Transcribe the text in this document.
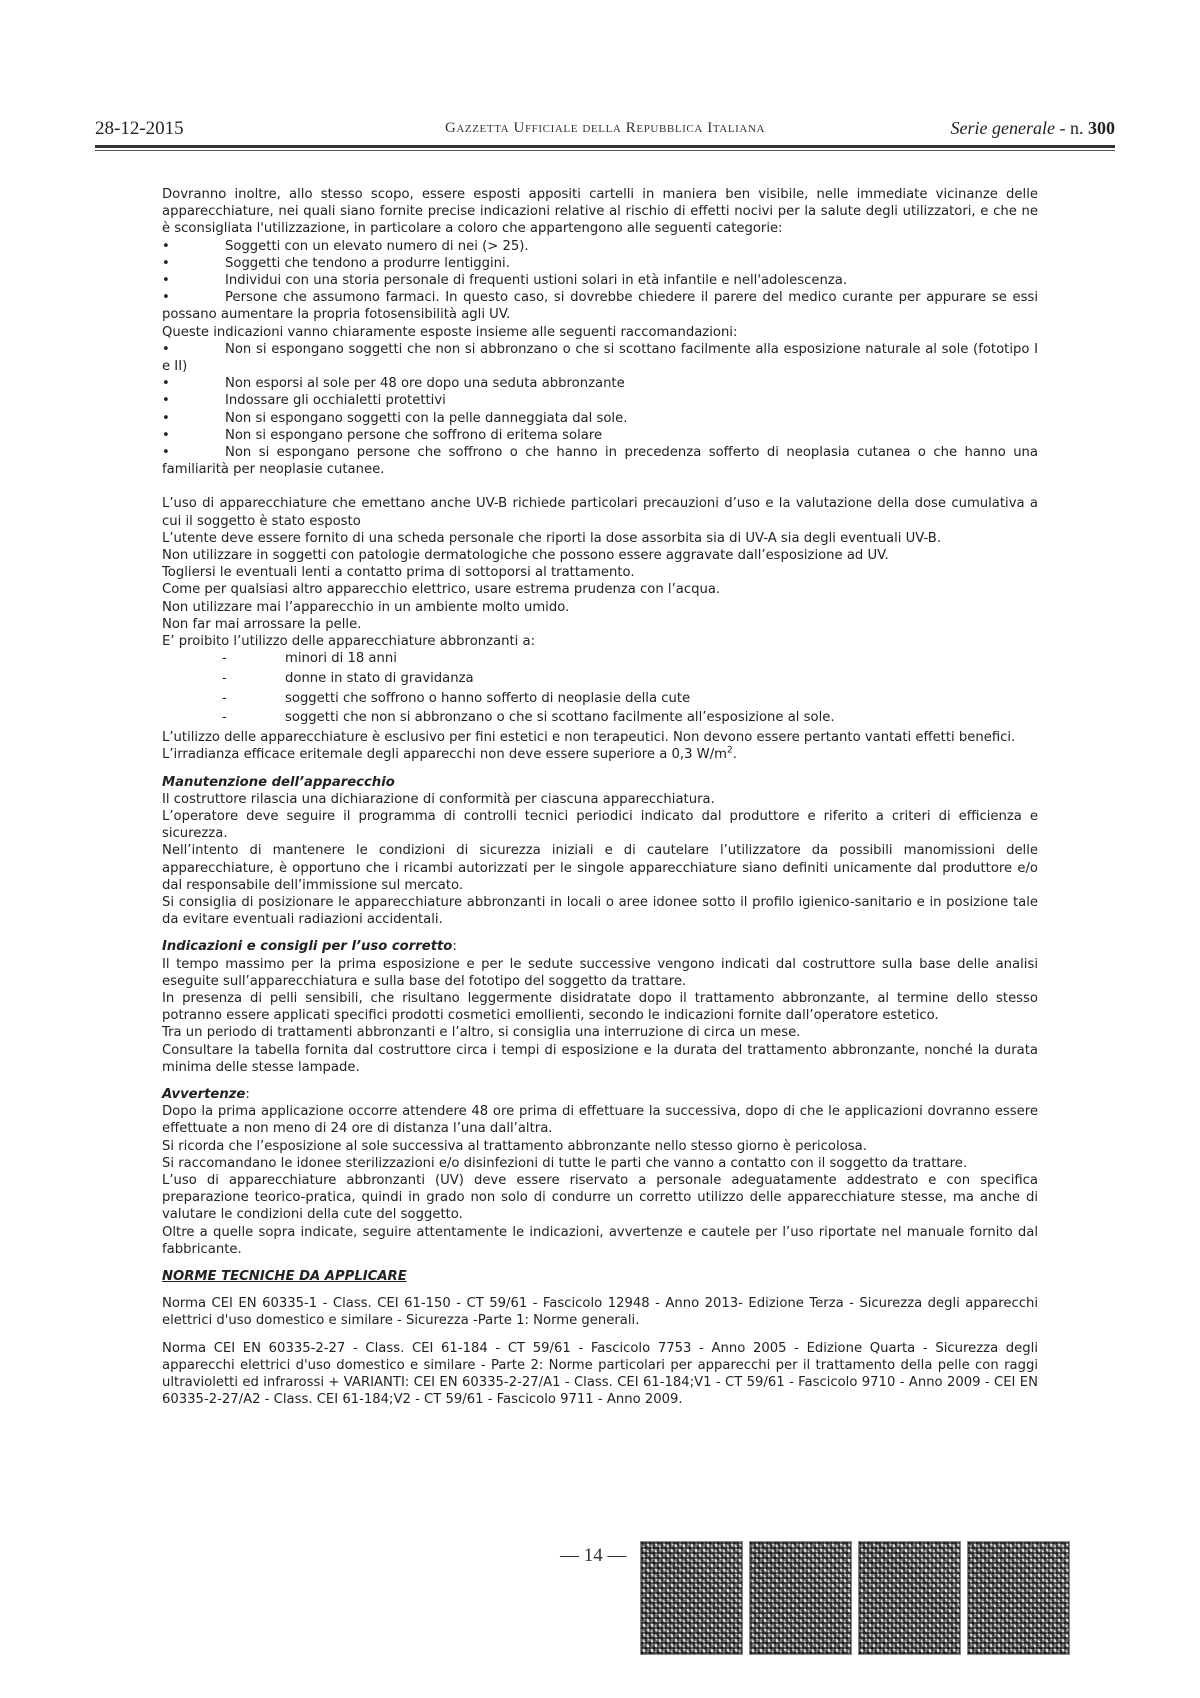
28-12-2015	Gazzetta Ufficiale della Repubblica Italiana	Serie generale - n. 300

Dovranno inoltre, allo stesso scopo, essere esposti appositi cartelli in maniera ben visibile, nelle immediate vicinanze delle apparecchiature, nei quali siano fornite precise indicazioni relative al rischio di effetti nocivi per la salute degli utilizzatori, e che ne è sconsigliata l'utilizzazione, in particolare a coloro che appartengono alle seguenti categorie:

•	Soggetti con un elevato numero di nei (> 25).
•	Soggetti che tendono a produrre lentiggini.
•	Individui con una storia personale di frequenti ustioni solari in età infantile e nell'adolescenza.

•	Persone che assumono farmaci. In questo caso, si dovrebbe chiedere il parere del medico curante per appurare se essi possano aumentare la propria fotosensibilità agli UV.

Queste indicazioni vanno chiaramente esposte insieme alle seguenti raccomandazioni:

•	Non si espongano soggetti che non si abbronzano o che si scottano facilmente alla esposizione naturale al sole (fototipo I e II)

•	Non esporsi al sole per 48 ore dopo una seduta abbronzante
•	Indossare gli occhialetti protettivi
•	Non si espongano soggetti con la pelle danneggiata dal sole.
•	Non si espongano persone che soffrono di eritema solare

•	Non si espongano persone che soffrono o che hanno in precedenza sofferto di neoplasia cutanea o che hanno una familiarità per neoplasie cutanee.

L’uso di apparecchiature che emettano anche UV-B richiede particolari precauzioni d’uso e la valutazione della dose cumulativa a cui il soggetto è stato esposto

L’utente deve essere fornito di una scheda personale che riporti la dose assorbita sia di UV-A sia degli eventuali UV-B.

Non utilizzare in soggetti con patologie dermatologiche che possono essere aggravate dall’esposizione ad UV.

Togliersi le eventuali lenti a contatto prima di sottoporsi al trattamento.

Come per qualsiasi altro apparecchio elettrico, usare estrema prudenza con l’acqua.

Non utilizzare mai l’apparecchio in un ambiente molto umido.

Non far mai arrossare la pelle.

E’ proibito l’utilizzo delle apparecchiature abbronzanti a:

-	minori di 18 anni
-	donne in stato di gravidanza
-	soggetti che soffrono o hanno sofferto di neoplasie della cute
-	soggetti che non si abbronzano o che si scottano facilmente all’esposizione al sole.

L’utilizzo delle apparecchiature è esclusivo per fini estetici e non terapeutici. Non devono essere pertanto vantati effetti benefici.

L’irradianza efficace eritemale degli apparecchi non deve essere superiore a 0,3 $W/m^2$.

Manutenzione dell’apparecchio

Il costruttore rilascia una dichiarazione di conformità per ciascuna apparecchiatura.

L’operatore deve seguire il programma di controlli tecnici periodici indicato dal produttore e riferito a criteri di efficienza e sicurezza.

Nell’intento di mantenere le condizioni di sicurezza iniziali e di cautelare l’utilizzatore da possibili manomissioni delle apparecchiature, è opportuno che i ricambi autorizzati per le singole apparecchiature siano definiti unicamente dal produttore e/o dal responsabile dell’immissione sul mercato.

Si consiglia di posizionare le apparecchiature abbronzanti in locali o aree idonee sotto il profilo igienico-sanitario e in posizione tale da evitare eventuali radiazioni accidentali.

Indicazioni e consigli per l’uso corretto:

Il tempo massimo per la prima esposizione e per le sedute successive vengono indicati dal costruttore sulla base delle analisi eseguite sull’apparecchiatura e sulla base del fototipo del soggetto da trattare.

In presenza di pelli sensibili, che risultano leggermente disidratate dopo il trattamento abbronzante, al termine dello stesso potranno essere applicati specifici prodotti cosmetici emollienti, secondo le indicazioni fornite dall’operatore estetico.

Tra un periodo di trattamenti abbronzanti e l’altro, si consiglia una interruzione di circa un mese.

Consultare la tabella fornita dal costruttore circa i tempi di esposizione e la durata del trattamento abbronzante, nonché la durata minima delle stesse lampade.

Avvertenze:

Dopo la prima applicazione occorre attendere 48 ore prima di effettuare la successiva, dopo di che le applicazioni dovranno essere effettuate a non meno di 24 ore di distanza l’una dall’altra.

Si ricorda che l’esposizione al sole successiva al trattamento abbronzante nello stesso giorno è pericolosa.

Si raccomandano le idonee sterilizzazioni e/o disinfezioni di tutte le parti che vanno a contatto con il soggetto da trattare.

L’uso di apparecchiature abbronzanti (UV) deve essere riservato a personale adeguatamente addestrato e con specifica preparazione teorico-pratica, quindi in grado non solo di condurre un corretto utilizzo delle apparecchiature stesse, ma anche di valutare le condizioni della cute del soggetto.

Oltre a quelle sopra indicate, seguire attentamente le indicazioni, avvertenze e cautele per l’uso riportate nel manuale fornito dal fabbricante.

NORME TECNICHE DA APPLICARE

Norma CEI EN 60335-1 - Class. CEI 61-150 - CT 59/61 - Fascicolo 12948 - Anno 2013- Edizione Terza - Sicurezza degli apparecchi elettrici d'uso domestico e similare - Sicurezza -Parte 1: Norme generali.

Norma CEI EN 60335-2-27 - Class. CEI 61-184 - CT 59/61 - Fascicolo 7753 - Anno 2005 - Edizione Quarta - Sicurezza degli apparecchi elettrici d'uso domestico e similare - Parte 2: Norme particolari per apparecchi per il trattamento della pelle con raggi ultravioletti ed infrarossi + VARIANTI: CEI EN 60335-2-27/A1 - Class. CEI 61-184;V1 - CT 59/61 - Fascicolo 9710 - Anno 2009 - CEI EN 60335-2-27/A2 - Class. CEI 61-184;V2 - CT 59/61 - Fascicolo 9711 - Anno 2009.

— 14 —
